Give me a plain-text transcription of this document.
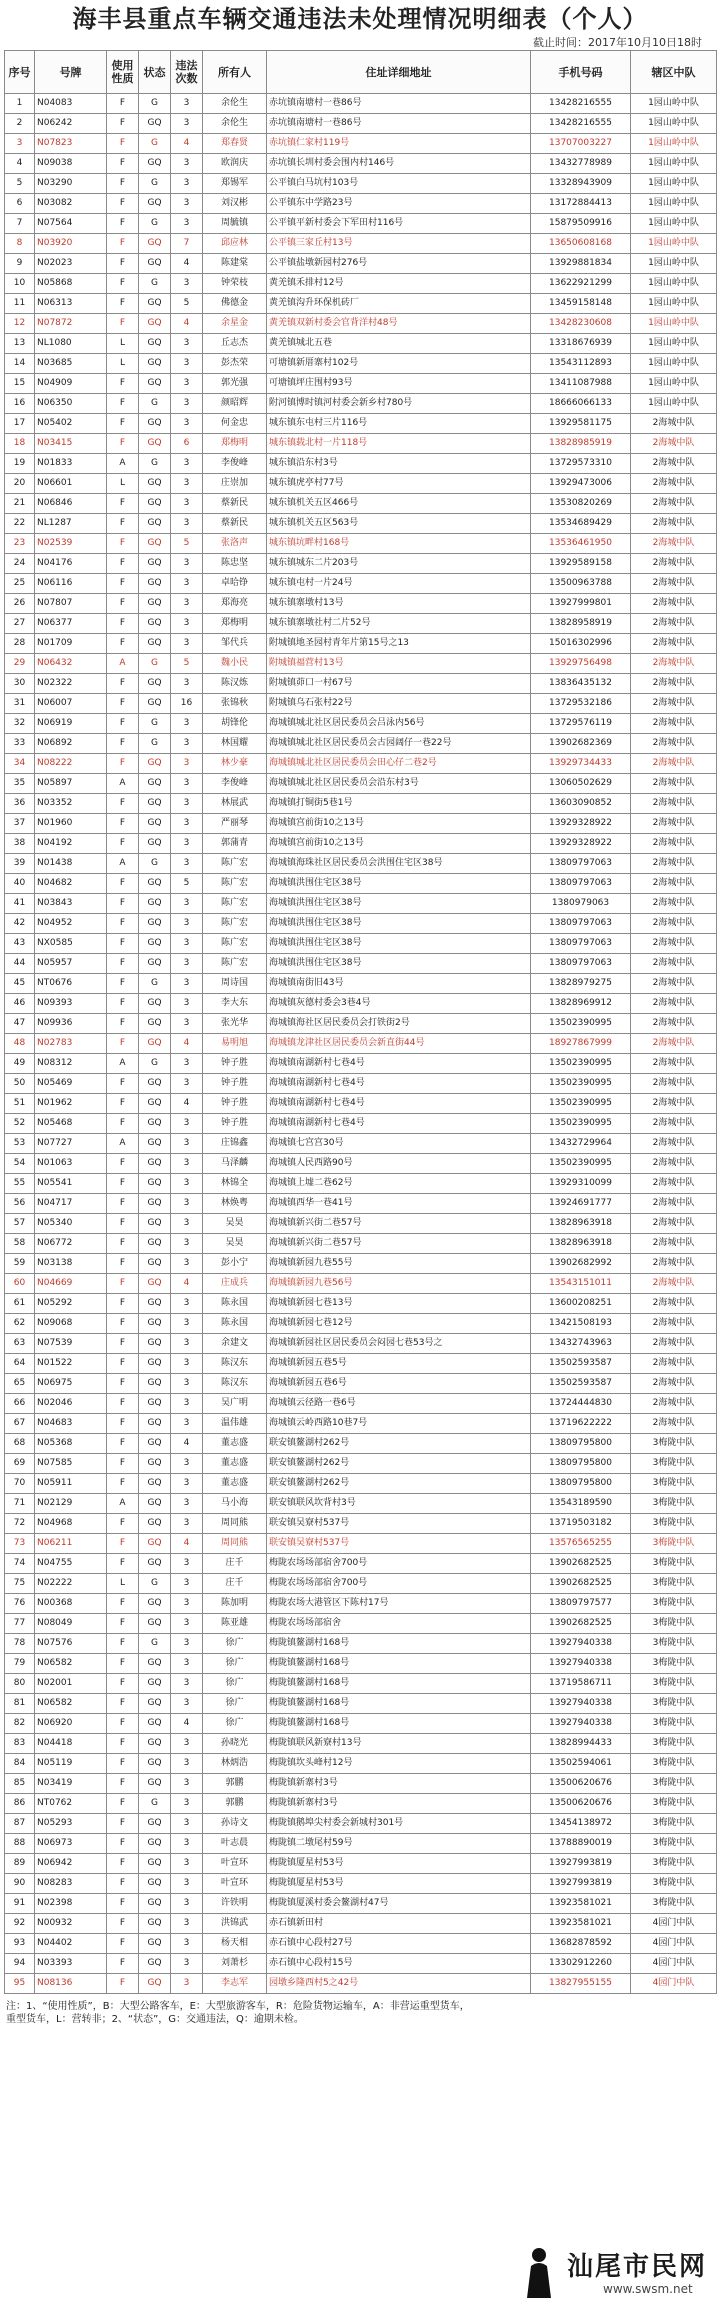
海丰县重点车辆交通违法未处理情况明细表（个人）
截止时间：2017年10月10日18时
序号	号牌	使用性质	状态	违法次数	所有人	住址详细地址	手机号码	辖区中队
1	N04083	F	G	3	余伦生	赤坑镇南塘村一巷86号	13428216555	1园山岭中队
2	N06242	F	GQ	3	余伦生	赤坑镇南塘村一巷86号	13428216555	1园山岭中队
3	N07823	F	G	4	郑春贤	赤坑镇仁家村119号	13707003227	1园山岭中队
4	N09038	F	GQ	3	欧润庆	赤坑镇长圳村委会围内村146号	13432778989	1园山岭中队
5	N03290	F	G	3	郑锡军	公平镇白马坑村103号	13328943909	1园山岭中队
6	N03082	F	GQ	3	刘汉彬	公平镇东中学路23号	13172884413	1园山岭中队
7	N07564	F	G	3	周毓镇	公平镇平新村委会下军田村116号	15879509916	1园山岭中队
8	N03920	F	GQ	7	邱应林	公平镇三家丘村13号	13650608168	1园山岭中队
9	N02023	F	GQ	4	陈建棠	公平镇盐墩新园村276号	13929881834	1园山岭中队
10	N05868	F	G	3	钟荣枝	黄羌镇禾排村12号	13622921299	1园山岭中队
11	N06313	F	GQ	5	佛德金	黄羌镇沟升环保机砖厂	13459158148	1园山岭中队
12	N07872	F	GQ	4	余星金	黄羌镇双新村委会官背洋村48号	13428230608	1园山岭中队
13	NL1080	L	GQ	3	丘志杰	黄羌镇城北五巷	13318676939	1园山岭中队
14	N03685	L	GQ	3	彭杰荣	可塘镇新厝寨村102号	13543112893	1园山岭中队
15	N04909	F	GQ	3	郭光强	可塘镇坪庄围村93号	13411087988	1园山岭中队
16	N06350	F	G	3	颜昭辉	附河镇博时镇河村委会新乡村780号	18666066133	1园山岭中队
17	N05402	F	GQ	3	何金忠	城东镇东屯村三片116号	13929581175	2海城中队
18	N03415	F	GQ	6	郑梅明	城东镇载北村一片118号	13828985919	2海城中队
19	N01833	A	G	3	李俊峰	城东镇沿东村3号	13729573310	2海城中队
20	N06601	L	GQ	3	庄崇加	城东镇虎亭村77号	13929473006	2海城中队
21	N06846	F	GQ	3	蔡新民	城东镇机关五区466号	13530820269	2海城中队
22	NL1287	F	GQ	3	蔡新民	城东镇机关五区563号	13534689429	2海城中队
23	N02539	F	GQ	5	张洛声	城东镇坑畔村168号	13536461950	2海城中队
24	N04176	F	GQ	3	陈忠坚	城东镇城东二片203号	13929589158	2海城中队
25	N06116	F	GQ	3	卓哈铮	城东镇屯村一片24号	13500963788	2海城中队
26	N07807	F	GQ	3	郑海亮	城东镇寨墩村13号	13927999801	2海城中队
27	N06377	F	GQ	3	郑梅明	城东镇寨墩社村二片52号	13828958919	2海城中队
28	N01709	F	GQ	3	邹代兵	附城镇地圣园村青年片第15号之13	15016302996	2海城中队
29	N06432	A	G	5	魏小民	附城镇福营村13号	13929756498	2海城中队
30	N02322	F	GQ	3	陈汉炼	附城镇茆口一村67号	13836435132	2海城中队
31	N06007	F	GQ	16	张锦秋	附城镇乌石张村22号	13729532186	2海城中队
32	N06919	F	G	3	胡锋伦	海城镇城北社区居民委员会吕泳内56号	13729576119	2海城中队
33	N06892	F	G	3	林国耀	海城镇城北社区居民委员会古园阔仔一巷22号	13902682369	2海城中队
34	N08222	F	GQ	3	林少豪	海城镇城北社区居民委员会田心仔二巷2号	13929734433	2海城中队
35	N05897	A	GQ	3	李俊峰	海城镇城北社区居民委员会沿东村3号	13060502629	2海城中队
36	N03352	F	GQ	3	林展武	海城镇打铜街5巷1号	13603090852	2海城中队
37	N01960	F	GQ	3	严丽琴	海城镇宫前街10之13号	13929328922	2海城中队
38	N04192	F	GQ	3	郭蒲青	海城镇宫前街10之13号	13929328922	2海城中队
39	N01438	A	G	3	陈广宏	海城镇海珠社区居民委员会洪围住宅区38号	13809797063	2海城中队
40	N04682	F	GQ	5	陈广宏	海城镇洪围住宅区38号	13809797063	2海城中队
41	N03843	F	GQ	3	陈广宏	海城镇洪围住宅区38号	1380979063	2海城中队
42	N04952	F	GQ	3	陈广宏	海城镇洪围住宅区38号	13809797063	2海城中队
43	NX0585	F	GQ	3	陈广宏	海城镇洪围住宅区38号	13809797063	2海城中队
44	N05957	F	GQ	3	陈广宏	海城镇洪围住宅区38号	13809797063	2海城中队
45	NT0676	F	G	3	周诗国	海城镇南街旧43号	13828979275	2海城中队
46	N09393	F	GQ	3	李大东	海城镇灰德村委会3巷4号	13828969912	2海城中队
47	N09936	F	GQ	3	张光华	海城镇海社区居民委员会打铁街2号	13502390995	2海城中队
48	N02783	F	GQ	4	易明旭	海城镇龙津社区居民委员会新直街44号	18927867999	2海城中队
49	N08312	A	G	3	钟子胜	海城镇南湖新村七巷4号	13502390995	2海城中队
50	N05469	F	GQ	3	钟子胜	海城镇南湖新村七巷4号	13502390995	2海城中队
51	N01962	F	GQ	4	钟子胜	海城镇南湖新村七巷4号	13502390995	2海城中队
52	N05468	F	GQ	3	钟子胜	海城镇南湖新村七巷4号	13502390995	2海城中队
53	N07727	A	GQ	3	庄锦鑫	海城镇七宫宫30号	13432729964	2海城中队
54	N01063	F	GQ	3	马泽麟	海城镇人民西路90号	13502390995	2海城中队
55	N05541	F	GQ	3	林锦全	海城镇上墟二巷62号	13929310099	2海城中队
56	N04717	F	GQ	3	林焕粤	海城镇西华一巷41号	13924691777	2海城中队
57	N05340	F	GQ	3	吴昊	海城镇新兴街二巷57号	13828963918	2海城中队
58	N06772	F	GQ	3	吴昊	海城镇新兴街二巷57号	13828963918	2海城中队
59	N03138	F	GQ	3	彭小宁	海城镇新园九巷55号	13902682992	2海城中队
60	N04669	F	GQ	4	庄成兵	海城镇新园九巷56号	13543151011	2海城中队
61	N05292	F	GQ	3	陈永国	海城镇新园七巷13号	13600208251	2海城中队
62	N09068	F	GQ	3	陈永国	海城镇新园七巷12号	13421508193	2海城中队
63	N07539	F	GQ	3	余建文	海城镇新园社区居民委员会闷园七巷53号之	13432743963	2海城中队
64	N01522	F	GQ	3	陈汉东	海城镇新园五巷5号	13502593587	2海城中队
65	N06975	F	GQ	3	陈汉东	海城镇新园五巷6号	13502593587	2海城中队
66	N02046	F	GQ	3	吴广明	海城镇云径路一巷6号	13724444830	2海城中队
67	N04683	F	GQ	3	温伟雄	海城镇云岭西路10巷7号	13719622222	2海城中队
68	N05368	F	GQ	4	董志盛	联安镇鳌湖村262号	13809795800	3梅陇中队
69	N07585	F	GQ	3	董志盛	联安镇鳌湖村262号	13809795800	3梅陇中队
70	N05911	F	GQ	3	董志盛	联安镇鳌湖村262号	13809795800	3梅陇中队
71	N02129	A	GQ	3	马小海	联安镇联风坎背村3号	13543189590	3梅陇中队
72	N04968	F	GQ	3	周同熊	联安镇吴寮村537号	13719503182	3梅陇中队
73	N06211	F	GQ	4	周同熊	联安镇吴寮村537号	13576565255	3梅陇中队
74	N04755	F	GQ	3	庄千	梅陇农场场部宿舍700号	13902682525	3梅陇中队
75	N02222	L	G	3	庄千	梅陇农场场部宿舍700号	13902682525	3梅陇中队
76	N00368	F	GQ	3	陈加明	梅陇农场大港管区下陈村17号	13809797577	3梅陇中队
77	N08049	F	GQ	3	陈亚雄	梅陇农场场部宿舍	13902682525	3梅陇中队
78	N07576	F	G	3	徐广	梅陇镇鳌湖村168号	13927940338	3梅陇中队
79	N06582	F	GQ	3	徐广	梅陇镇鳌湖村168号	13927940338	3梅陇中队
80	N02001	F	GQ	3	徐广	梅陇镇鳌湖村168号	13719586711	3梅陇中队
81	N06582	F	GQ	3	徐广	梅陇镇鳌湖村168号	13927940338	3梅陇中队
82	N06920	F	GQ	4	徐广	梅陇镇鳌湖村168号	13927940338	3梅陇中队
83	N04418	F	GQ	3	孙晓光	梅陇镇联风新寮村13号	13828994433	3梅陇中队
84	N05119	F	GQ	3	林炳浩	梅陇镇坎头峰村12号	13502594061	3梅陇中队
85	N03419	F	GQ	3	郭鹏	梅陇镇新寨村3号	13500620676	3梅陇中队
86	NT0762	F	G	3	郭鹏	梅陇镇新寨村3号	13500620676	3梅陇中队
87	N05293	F	GQ	3	孙诗文	梅陇镇鹅埠尖村委会新城村301号	13454138972	3梅陇中队
88	N06973	F	GQ	3	叶志晨	梅陇镇二墩尾村59号	13788890019	3梅陇中队
89	N06942	F	GQ	3	叶宣环	梅陇镇厦星村53号	13927993819	3梅陇中队
90	N08283	F	GQ	3	叶宣环	梅陇镇厦星村53号	13927993819	3梅陇中队
91	N02398	F	GQ	3	许铁明	梅陇镇厦溪村委会鳌湖村47号	13923581021	3梅陇中队
92	N00932	F	GQ	3	洪锦武	赤石镇新田村	13923581021	4园门中队
93	N04402	F	GQ	3	杨天相	赤石镇中心段村27号	13682878592	4园门中队
94	N03393	F	GQ	3	刘萧杉	赤石镇中心段村15号	13302912260	4园门中队
95	N08136	F	GQ	3	李志军	园墩乡隆西村5之42号	13827955155	4园门中队
注：1、“使用性质”，B：大型公路客车，E：大型旅游客车，R：危险货物运输车，A：非营运重型货车，
重型货车，L：营转非；2、“状态”，G：交通违法，Q：逾期未检。
汕尾市民网
www.swsm.net
